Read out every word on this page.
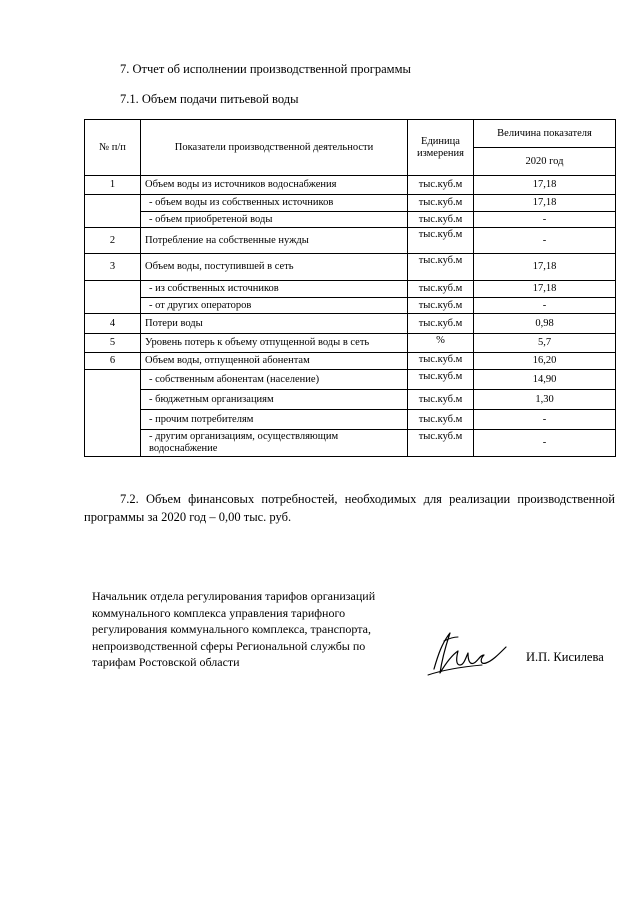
7. Отчет об исполнении производственной программы
7.1. Объем подачи питьевой воды
№ п/п	Показатели производственной деятельности	Единица измерения	Величина показателя
			2020 год
1	Объем воды из источников водоснабжения	тыс.куб.м	17,18
	- объем воды из собственных источников	тыс.куб.м	17,18
	- объем приобретеной воды	тыс.куб.м	-
2	Потребление на собственные нужды	тыс.куб.м	-
3	Объем воды, поступившей в сеть	тыс.куб.м	17,18
	- из собственных источников	тыс.куб.м	17,18
	- от других операторов	тыс.куб.м	-
4	Потери воды	тыс.куб.м	0,98
5	Уровень потерь к объему отпущенной воды в сеть	%	5,7
6	Объем воды, отпущенной абонентам	тыс.куб.м	16,20
	- собственным абонентам (население)	тыс.куб.м	14,90
	- бюджетным организациям	тыс.куб.м	1,30
	- прочим потребителям	тыс.куб.м	-
	- другим организациям, осуществляющим водоснабжение	тыс.куб.м	-
7.2. Объем финансовых потребностей, необходимых для реализации производственной программы за 2020 год – 0,00 тыс. руб.
Начальник отдела регулирования тарифов организаций коммунального комплекса управления тарифного регулирования коммунального комплекса, транспорта, непроизводственной сферы Региональной службы по тарифам Ростовской области	И.П. Кисилева
